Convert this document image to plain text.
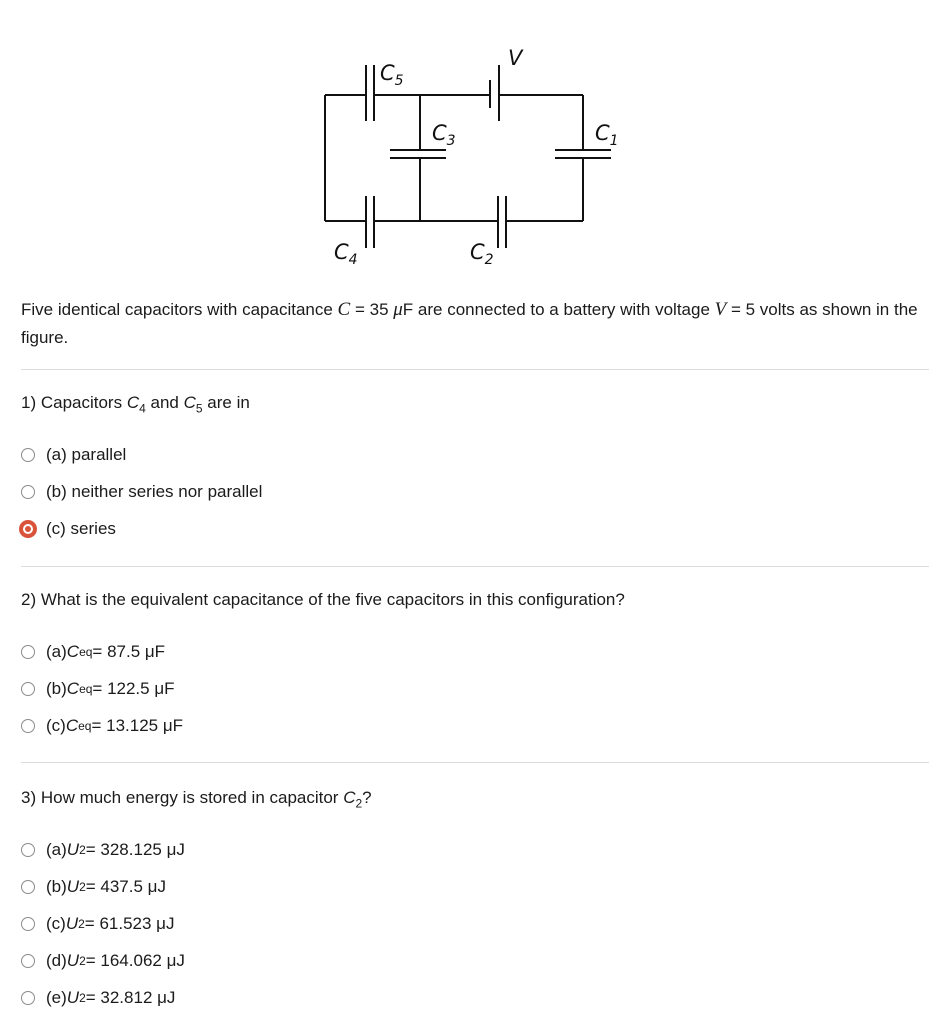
$C_5$
V
$C_3$	$C_1$
$C_4$	$C_2$

Five identical capacitors with capacitance C = 35 μF are connected to a battery with voltage V = 5 volts as shown in the figure.

1) Capacitors $C_4$ and $C_5$ are in

(a) parallel
(b) neither series nor parallel
(c) series

2) What is the equivalent capacitance of the five capacitors in this configuration?

(a) C eq = 87.5 μF
(b) C eq = 122.5 μF
(c) C eq = 13.125 μF

3) How much energy is stored in capacitor $C_2$?

(a) U 2 = 328.125 μJ
(b) U 2 = 437.5 μJ
(c) U 2 = 61.523 μJ
(d) U 2 = 164.062 μJ
(e) U 2 = 32.812 μJ
